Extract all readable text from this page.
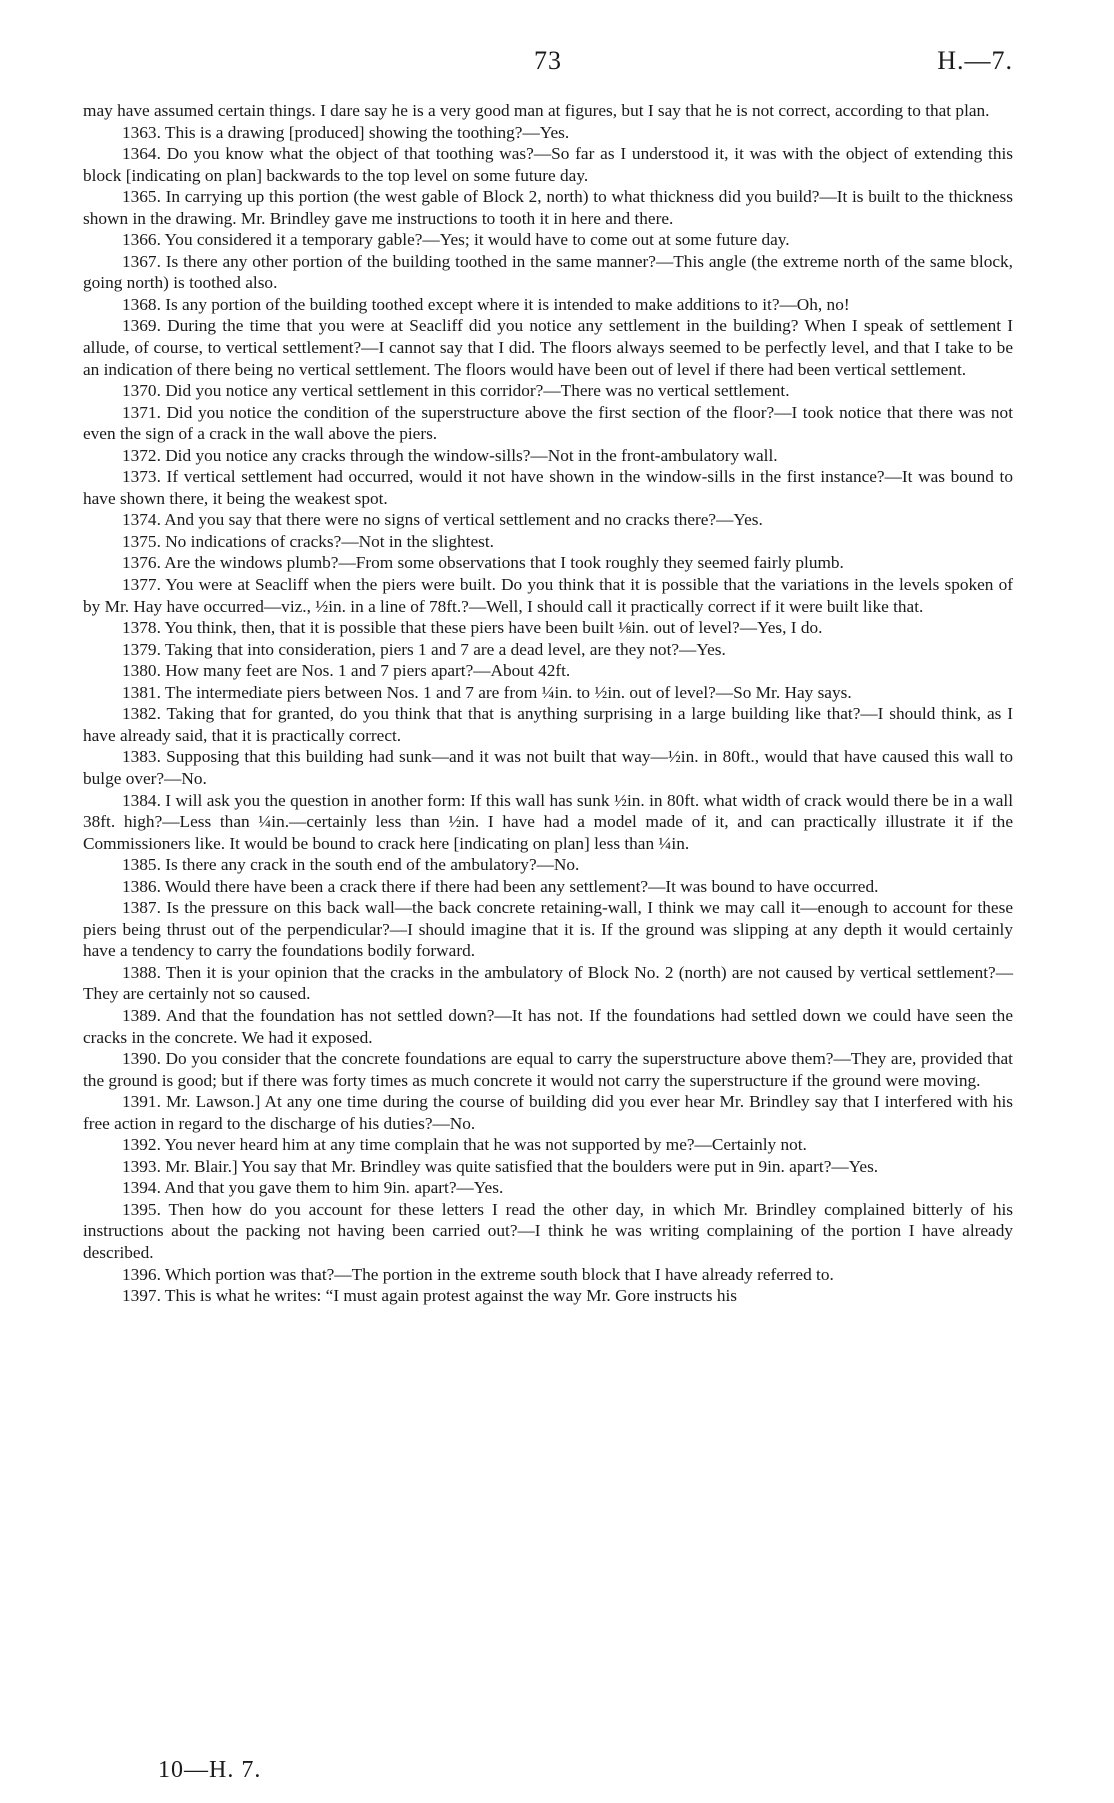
73	H.—7.

may have assumed certain things. I dare say he is a very good man at figures, but I say that he is not correct, according to that plan.

1363. This is a drawing [produced] showing the toothing?—Yes.

1364. Do you know what the object of that toothing was?—So far as I understood it, it was with the object of extending this block [indicating on plan] backwards to the top level on some future day.

1365. In carrying up this portion (the west gable of Block 2, north) to what thickness did you build?—It is built to the thickness shown in the drawing. Mr. Brindley gave me instructions to tooth it in here and there.

1366. You considered it a temporary gable?—Yes; it would have to come out at some future day.

1367. Is there any other portion of the building toothed in the same manner?—This angle (the extreme north of the same block, going north) is toothed also.

1368. Is any portion of the building toothed except where it is intended to make additions to it?—Oh, no!

1369. During the time that you were at Seacliff did you notice any settlement in the building? When I speak of settlement I allude, of course, to vertical settlement?—I cannot say that I did. The floors always seemed to be perfectly level, and that I take to be an indication of there being no vertical settlement. The floors would have been out of level if there had been vertical settlement.

1370. Did you notice any vertical settlement in this corridor?—There was no vertical settlement.

1371. Did you notice the condition of the superstructure above the first section of the floor?—I took notice that there was not even the sign of a crack in the wall above the piers.

1372. Did you notice any cracks through the window-sills?—Not in the front-ambulatory wall.

1373. If vertical settlement had occurred, would it not have shown in the window-sills in the first instance?—It was bound to have shown there, it being the weakest spot.

1374. And you say that there were no signs of vertical settlement and no cracks there?—Yes.

1375. No indications of cracks?—Not in the slightest.

1376. Are the windows plumb?—From some observations that I took roughly they seemed fairly plumb.

1377. You were at Seacliff when the piers were built. Do you think that it is possible that the variations in the levels spoken of by Mr. Hay have occurred—viz., ½in. in a line of 78ft.?—Well, I should call it practically correct if it were built like that.

1378. You think, then, that it is possible that these piers have been built ⅛in. out of level?—Yes, I do.

1379. Taking that into consideration, piers 1 and 7 are a dead level, are they not?—Yes.

1380. How many feet are Nos. 1 and 7 piers apart?—About 42ft.

1381. The intermediate piers between Nos. 1 and 7 are from ¼in. to ½in. out of level?—So Mr. Hay says.

1382. Taking that for granted, do you think that that is anything surprising in a large building like that?—I should think, as I have already said, that it is practically correct.

1383. Supposing that this building had sunk—and it was not built that way—½in. in 80ft., would that have caused this wall to bulge over?—No.

1384. I will ask you the question in another form: If this wall has sunk ½in. in 80ft. what width of crack would there be in a wall 38ft. high?—Less than ¼in.—certainly less than ½in. I have had a model made of it, and can practically illustrate it if the Commissioners like. It would be bound to crack here [indicating on plan] less than ¼in.

1385. Is there any crack in the south end of the ambulatory?—No.

1386. Would there have been a crack there if there had been any settlement?—It was bound to have occurred.

1387. Is the pressure on this back wall—the back concrete retaining-wall, I think we may call it—enough to account for these piers being thrust out of the perpendicular?—I should imagine that it is. If the ground was slipping at any depth it would certainly have a tendency to carry the foundations bodily forward.

1388. Then it is your opinion that the cracks in the ambulatory of Block No. 2 (north) are not caused by vertical settlement?—They are certainly not so caused.

1389. And that the foundation has not settled down?—It has not. If the foundations had settled down we could have seen the cracks in the concrete. We had it exposed.

1390. Do you consider that the concrete foundations are equal to carry the superstructure above them?—They are, provided that the ground is good; but if there was forty times as much concrete it would not carry the superstructure if the ground were moving.

1391. Mr. Lawson.] At any one time during the course of building did you ever hear Mr. Brindley say that I interfered with his free action in regard to the discharge of his duties?—No.

1392. You never heard him at any time complain that he was not supported by me?—Certainly not.

1393. Mr. Blair.] You say that Mr. Brindley was quite satisfied that the boulders were put in 9in. apart?—Yes.

1394. And that you gave them to him 9in. apart?—Yes.

1395. Then how do you account for these letters I read the other day, in which Mr. Brindley complained bitterly of his instructions about the packing not having been carried out?—I think he was writing complaining of the portion I have already described.

1396. Which portion was that?—The portion in the extreme south block that I have already referred to.

1397. This is what he writes: “I must again protest against the way Mr. Gore instructs his

10—H. 7.
